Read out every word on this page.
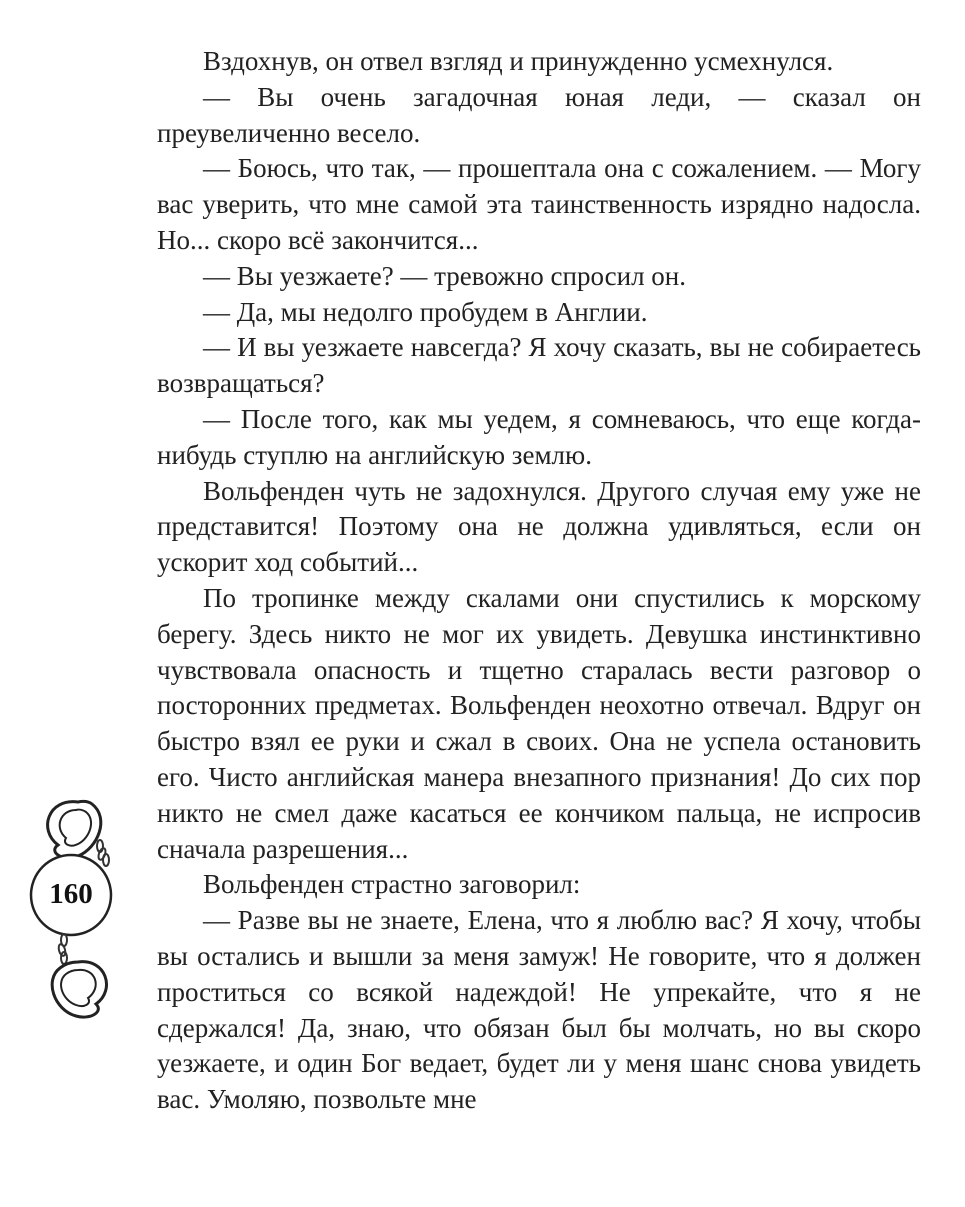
Вздохнув, он отвел взгляд и принужденно усмехнулся.

— Вы очень загадочная юная леди, — сказал он преувеличенно весело.

— Боюсь, что так, — прошептала она с сожалением. — Могу вас уверить, что мне самой эта таинственность изрядно надосла. Но... скоро всё закончится...

— Вы уезжаете? — тревожно спросил он.

— Да, мы недолго пробудем в Англии.

— И вы уезжаете навсегда? Я хочу сказать, вы не собираетесь возвращаться?

— После того, как мы уедем, я сомневаюсь, что еще когда-нибудь ступлю на английскую землю.

Вольфенден чуть не задохнулся. Другого случая ему уже не представится! Поэтому она не должна удивляться, если он ускорит ход событий...

По тропинке между скалами они спустились к морскому берегу. Здесь никто не мог их увидеть. Девушка инстинктивно чувствовала опасность и тщетно старалась вести разговор о посторонних предметах. Вольфенден неохотно отвечал. Вдруг он быстро взял ее руки и сжал в своих. Она не успела остановить его. Чисто английская манера внезапного признания! До сих пор никто не смел даже касаться ее кончиком пальца, не испросив сначала разрешения...

Вольфенден страстно заговорил:

— Разве вы не знаете, Елена, что я люблю вас? Я хочу, чтобы вы остались и вышли за меня замуж! Не говорите, что я должен проститься со всякой надеждой! Не упрекайте, что я не сдержался! Да, знаю, что обязан был бы молчать, но вы скоро уезжаете, и один Бог ведает, будет ли у меня шанс снова увидеть вас. Умоляю, позвольте мне

160
